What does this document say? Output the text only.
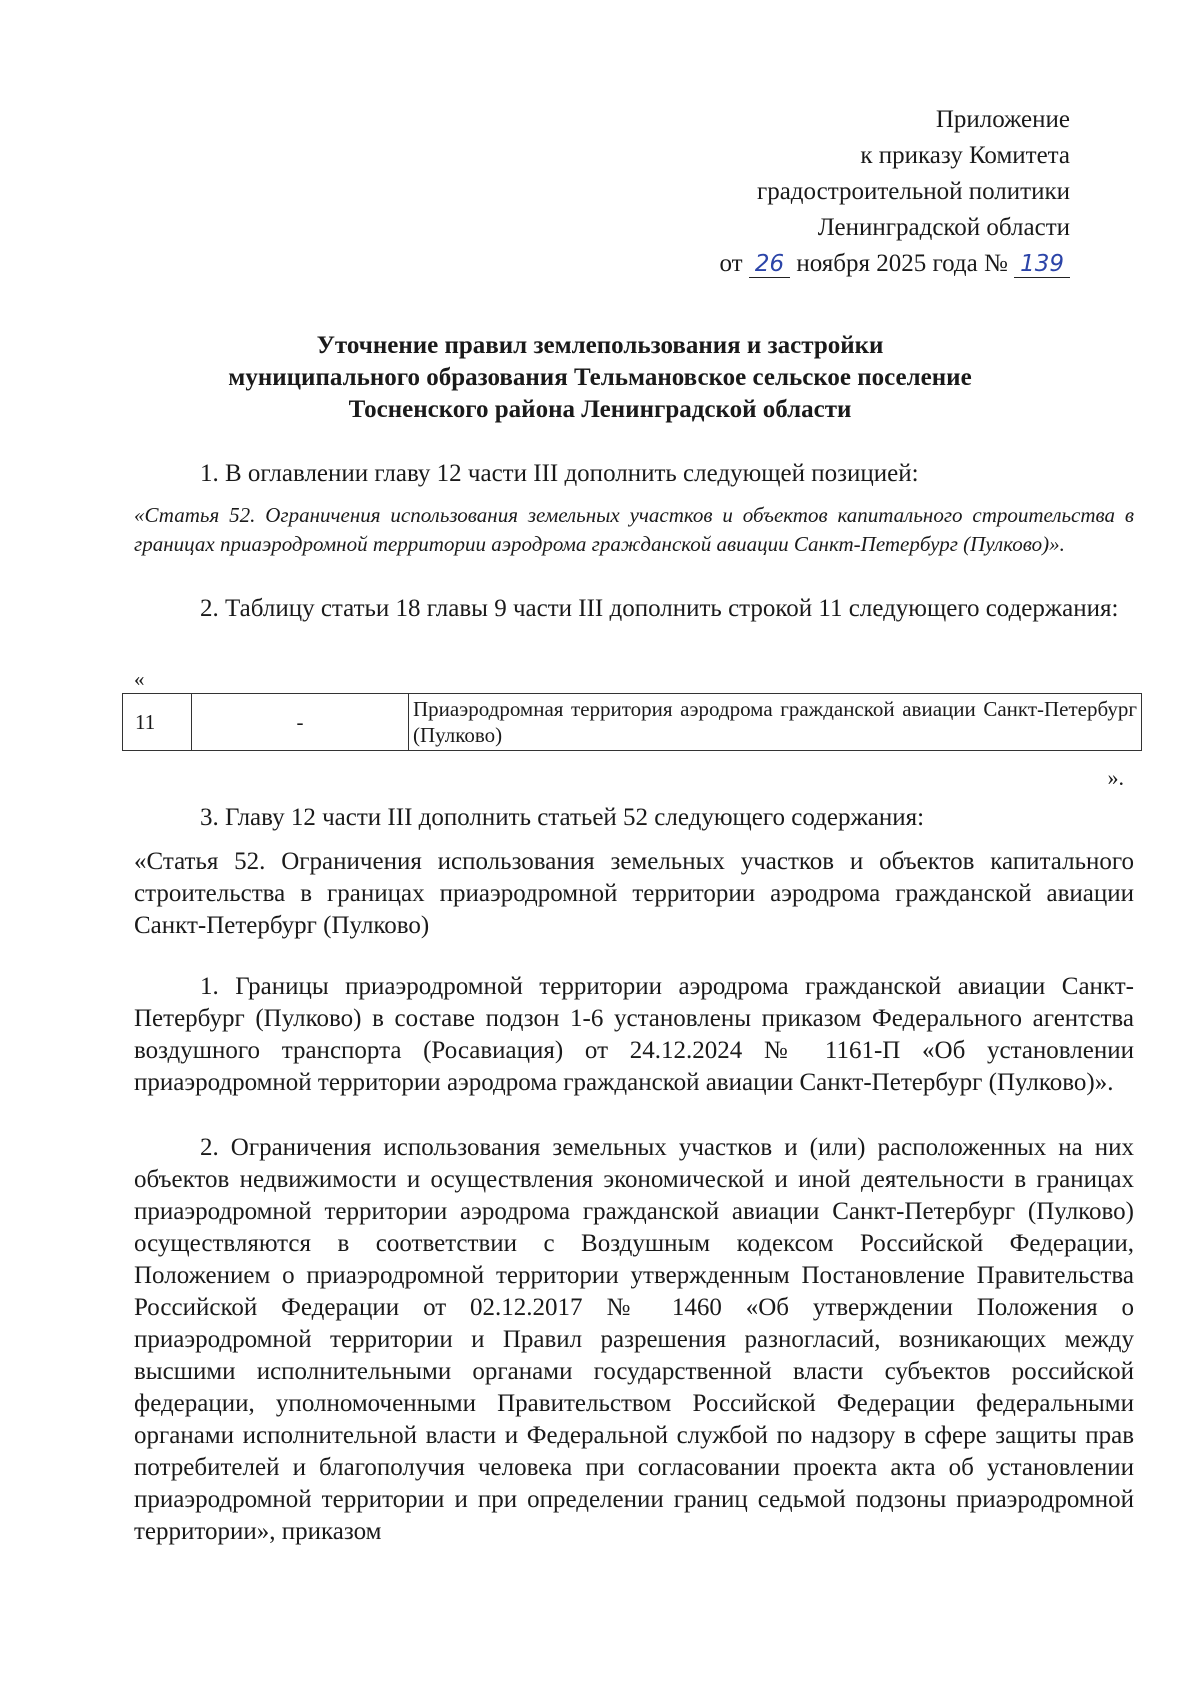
Приложение
к приказу Комитета
градостроительной политики
Ленинградской области
от 26 ноября 2025 года № 139
Уточнение правил землепользования и застройки
муниципального образования Тельмановское сельское поселение
Тосненского района Ленинградской области
1. В оглавлении главу 12 части III дополнить следующей позицией:
«Статья 52. Ограничения использования земельных участков и объектов капитального строительства в границах приаэродромной территории аэродрома гражданской авиации Санкт-Петербург (Пулково)».
2. Таблицу статьи 18 главы 9 части III дополнить строкой 11 следующего содержания:
«
11	-	Приаэродромная территория аэродрома гражданской авиации Санкт-Петербург (Пулково)
».
3. Главу 12 части III дополнить статьей 52 следующего содержания:
«Статья 52. Ограничения использования земельных участков и объектов капитального строительства в границах приаэродромной территории аэродрома гражданской авиации Санкт-Петербург (Пулково)
1. Границы приаэродромной территории аэродрома гражданской авиации Санкт-Петербург (Пулково) в составе подзон 1-6 установлены приказом Федерального агентства воздушного транспорта (Росавиация) от 24.12.2024 № 1161-П «Об установлении приаэродромной территории аэродрома гражданской авиации Санкт-Петербург (Пулково)».
2. Ограничения использования земельных участков и (или) расположенных на них объектов недвижимости и осуществления экономической и иной деятельности в границах приаэродромной территории аэродрома гражданской авиации Санкт-Петербург (Пулково) осуществляются в соответствии с Воздушным кодексом Российской Федерации, Положением о приаэродромной территории утвержденным Постановление Правительства Российской Федерации от 02.12.2017 № 1460 «Об утверждении Положения о приаэродромной территории и Правил разрешения разногласий, возникающих между высшими исполнительными органами государственной власти субъектов российской федерации, уполномоченными Правительством Российской Федерации федеральными органами исполнительной власти и Федеральной службой по надзору в сфере защиты прав потребителей и благополучия человека при согласовании проекта акта об установлении приаэродромной территории и при определении границ седьмой подзоны приаэродромной территории», приказом
